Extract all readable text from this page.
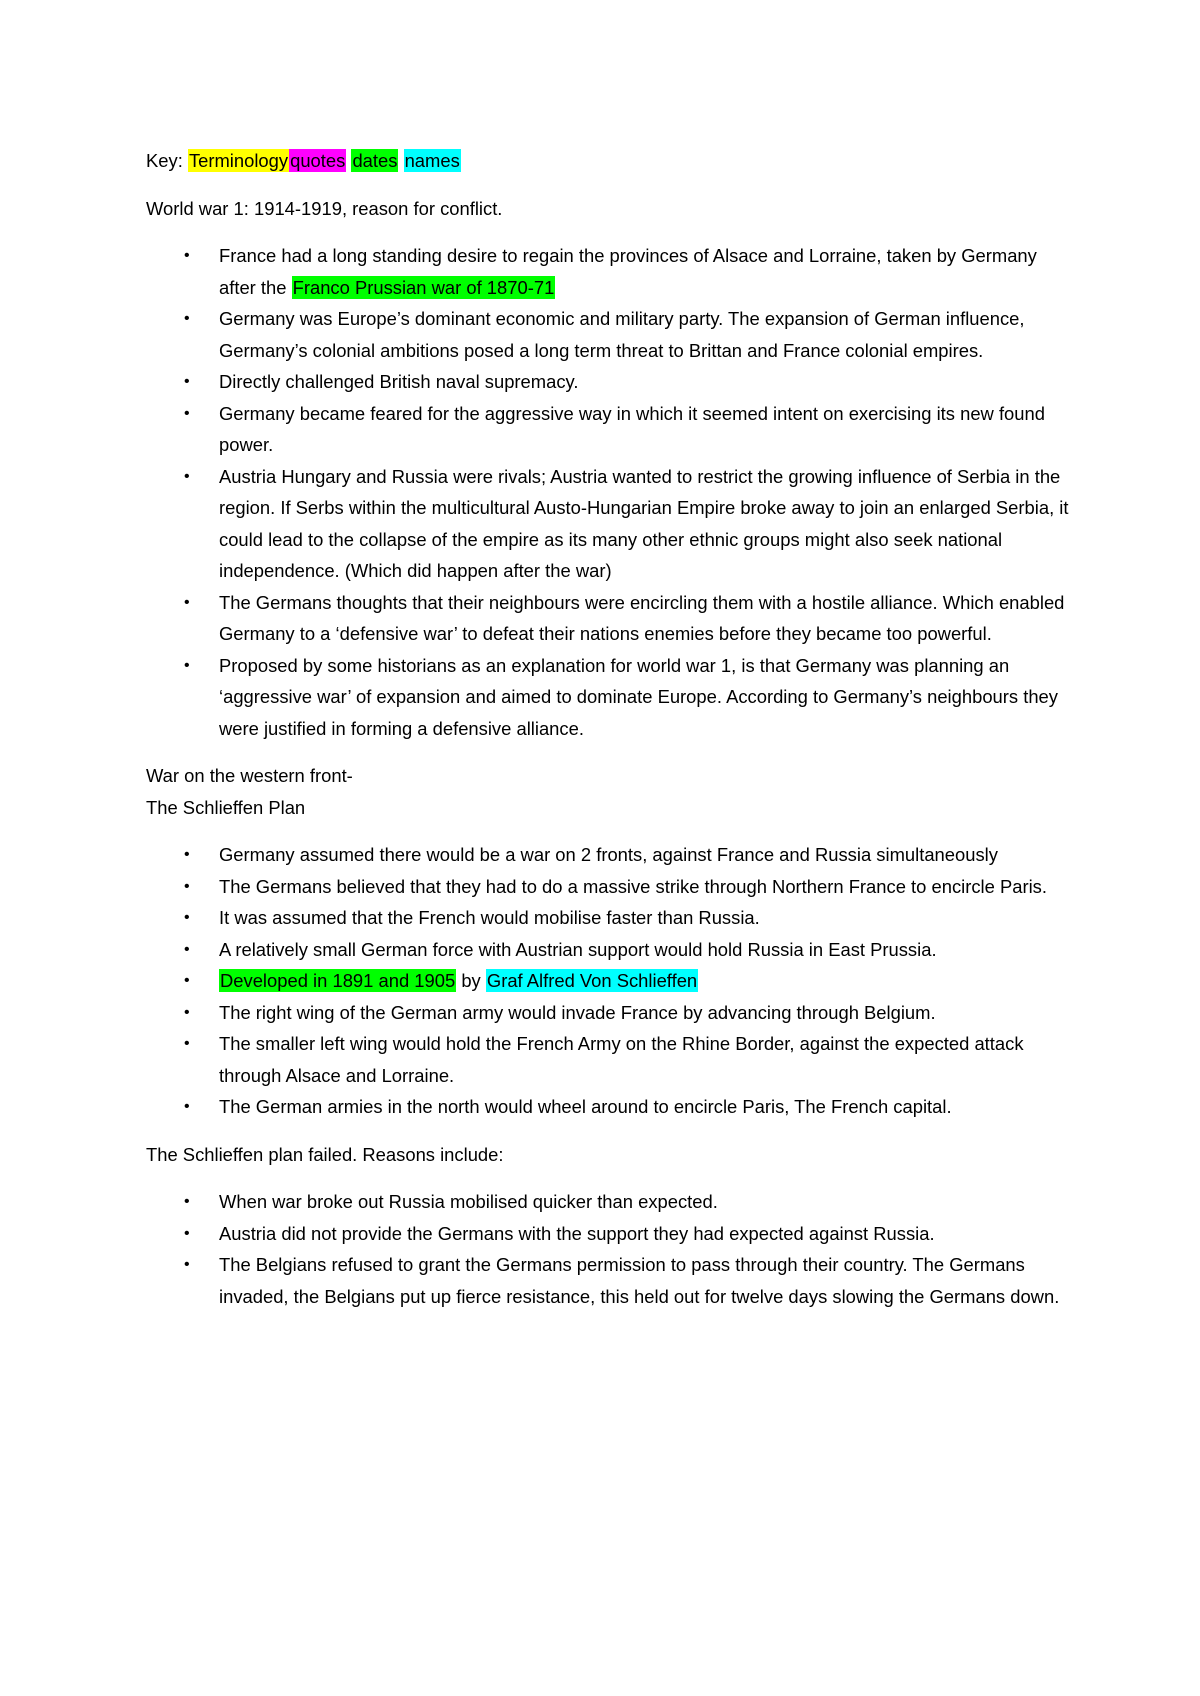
Key: Terminology quotes dates names

World war 1: 1914-1919, reason for conflict.

• France had a long standing desire to regain the provinces of Alsace and Lorraine, taken by Germany after the Franco Prussian war of 1870-71
• Germany was Europe’s dominant economic and military party. The expansion of German influence, Germany’s colonial ambitions posed a long term threat to Brittan and France colonial empires.
• Directly challenged British naval supremacy.
• Germany became feared for the aggressive way in which it seemed intent on exercising its new found power.
• Austria Hungary and Russia were rivals; Austria wanted to restrict the growing influence of Serbia in the region. If Serbs within the multicultural Austo-Hungarian Empire broke away to join an enlarged Serbia, it could lead to the collapse of the empire as its many other ethnic groups might also seek national independence. (Which did happen after the war)
• The Germans thoughts that their neighbours were encircling them with a hostile alliance. Which enabled Germany to a ‘defensive war’ to defeat their nations enemies before they became too powerful.
• Proposed by some historians as an explanation for world war 1, is that Germany was planning an ‘aggressive war’ of expansion and aimed to dominate Europe. According to Germany’s neighbours they were justified in forming a defensive alliance.

War on the western front-
The Schlieffen Plan

• Germany assumed there would be a war on 2 fronts, against France and Russia simultaneously
• The Germans believed that they had to do a massive strike through Northern France to encircle Paris.
• It was assumed that the French would mobilise faster than Russia.
• A relatively small German force with Austrian support would hold Russia in East Prussia.
• Developed in 1891 and 1905 by Graf Alfred Von Schlieffen
• The right wing of the German army would invade France by advancing through Belgium.
• The smaller left wing would hold the French Army on the Rhine Border, against the expected attack through Alsace and Lorraine.
• The German armies in the north would wheel around to encircle Paris, The French capital.

The Schlieffen plan failed. Reasons include:

• When war broke out Russia mobilised quicker than expected.
• Austria did not provide the Germans with the support they had expected against Russia.
• The Belgians refused to grant the Germans permission to pass through their country. The Germans invaded, the Belgians put up fierce resistance, this held out for twelve days slowing the Germans down.
